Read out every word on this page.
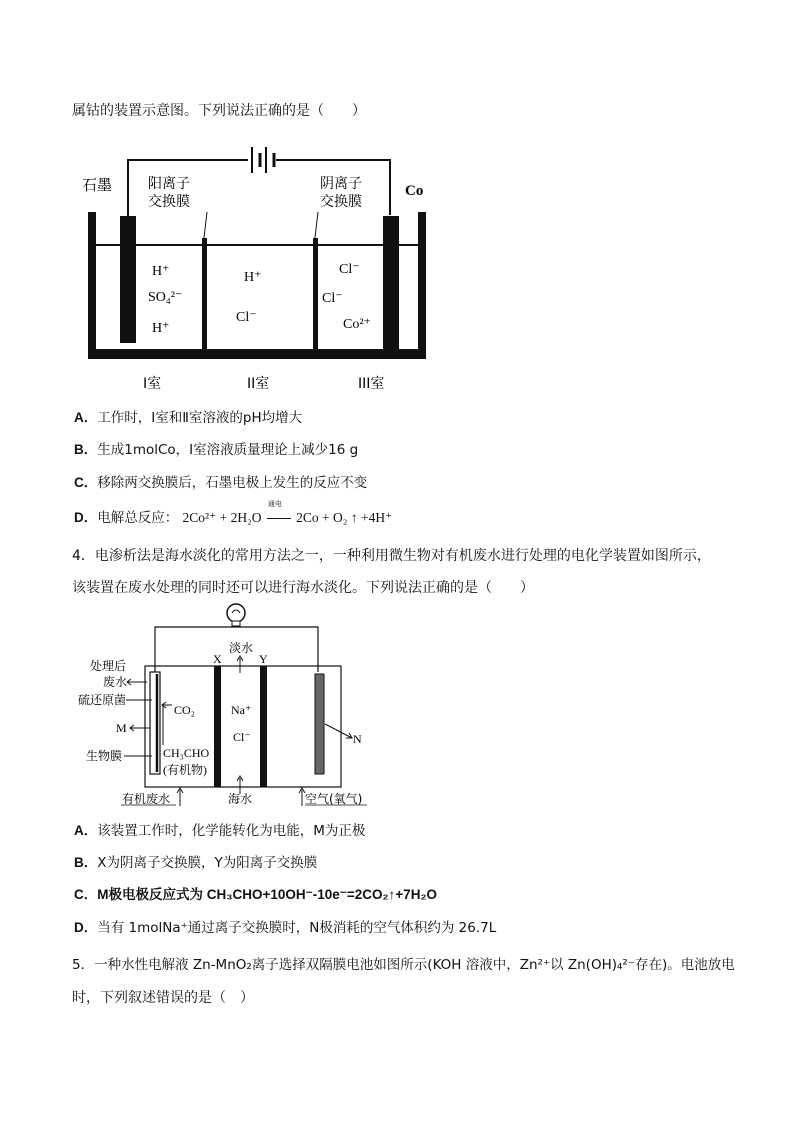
属钴的装置示意图。下列说法正确的是（　　）
石墨	Co
阳离子
交换膜
阴离子
交换膜
H⁺
SO₄²⁻
H⁺
H⁺
Cl⁻
Cl⁻
Cl⁻
Co²⁺
I室	II室	III室
A．工作时，Ⅰ室和Ⅱ室溶液的pH均增大
B．生成1molCo，Ⅰ室溶液质量理论上减少16 g
C．移除两交换膜后，石墨电极上发生的反应不变
D．电解总反应： 2Co²⁺ + 2H₂O
通电
2Co + O₂ ↑ +4H⁺
4．电渗析法是海水淡化的常用方法之一，一种利用微生物对有机废水进行处理的电化学装置如图所示，
该装置在废水处理的同时还可以进行海水淡化。下列说法正确的是（　　）
淡水
X	Y
处理后
废水
硫还原菌
M
生物膜
CO₂
CH₃CHO
(有机物)
Na⁺
Cl⁻	N
有机废水	海水	空气(氧气)
A．该装置工作时，化学能转化为电能，M为正极
B．X为阴离子交换膜，Y为阳离子交换膜
C．M极电极反应式为 CH₃CHO+10OH⁻-10e⁻=2CO₂↑+7H₂O
D．当有 1molNa⁺通过离子交换膜时，N极消耗的空气体积约为 26.7L
5．一种水性电解液 Zn-MnO₂离子选择双隔膜电池如图所示(KOH 溶液中，Zn²⁺以 Zn(OH)₄²⁻存在)。电池放电
时，下列叙述错误的是（　）
